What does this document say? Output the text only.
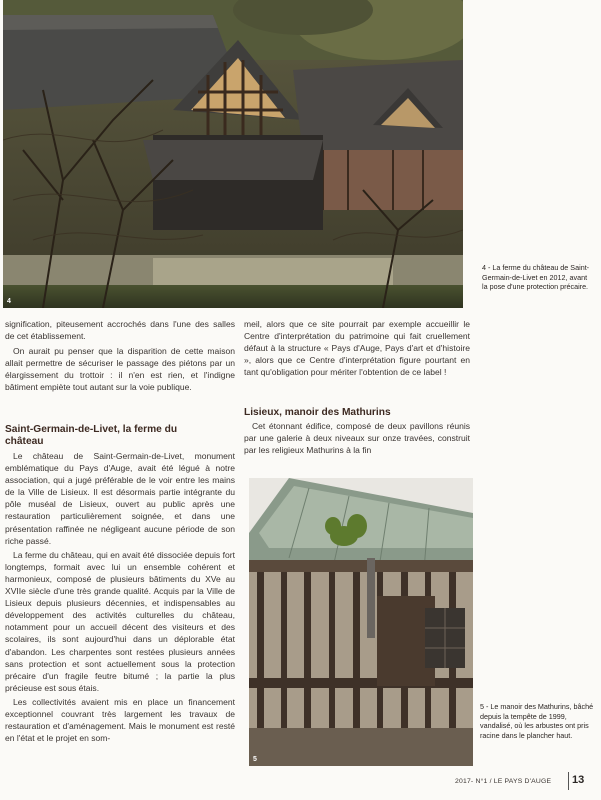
4
4 - La ferme du château de Saint-Germain-de-Livet en 2012, avant la pose d'une protection précaire.

signification, piteusement accrochés dans l'une des salles de cet établissement.

On aurait pu penser que la disparition de cette maison allait permettre de sécuriser le passage des piétons par un élargissement du trottoir : il n'en est rien, et l'indigne bâtiment empiète tout autant sur la voie publique.

Saint-Germain-de-Livet, la ferme du château

Le château de Saint-Germain-de-Livet, monument emblématique du Pays d'Auge, avait été légué à notre association, qui a jugé préférable de le voir entre les mains de la Ville de Lisieux. Il est désormais partie intégrante du pôle muséal de Lisieux, ouvert au public après une restauration particulièrement soignée, et dans une présentation raffinée ne négligeant aucune période de son riche passé.

La ferme du château, qui en avait été dissociée depuis fort longtemps, formait avec lui un ensemble cohérent et harmonieux, composé de plusieurs bâtiments du XVe au XVIIe siècle d'une très grande qualité. Acquis par la Ville de Lisieux depuis plusieurs décennies, et indispensables au développement des activités culturelles du château, notamment pour un accueil décent des visiteurs et des scolaires, ils sont aujourd'hui dans un déplorable état d'abandon. Les charpentes sont restées plusieurs années sans protection et sont actuellement sous la protection précaire d'un fragile feutre bitumé ; la partie la plus précieuse est sous étais.

Les collectivités avaient mis en place un financement exceptionnel couvrant très largement les travaux de restauration et d'aménagement. Mais le monument est resté en l'état et le projet en som-

meil, alors que ce site pourrait par exemple accueillir le Centre d'interprétation du patrimoine qui fait cruellement défaut à la structure « Pays d'Auge, Pays d'art et d'histoire », alors que ce Centre d'interprétation figure pourtant en tant qu'obligation pour mériter l'obtention de ce label !

Lisieux, manoir des Mathurins

Cet étonnant édifice, composé de deux pavillons réunis par une galerie à deux niveaux sur onze travées, construit par les religieux Mathurins à la fin

5
5 - Le manoir des Mathurins, bâché depuis la tempête de 1999, vandalisé, où les arbustes ont pris racine dans le plancher haut.
2017- N°1 / LE PAYS D'AUGE 13
